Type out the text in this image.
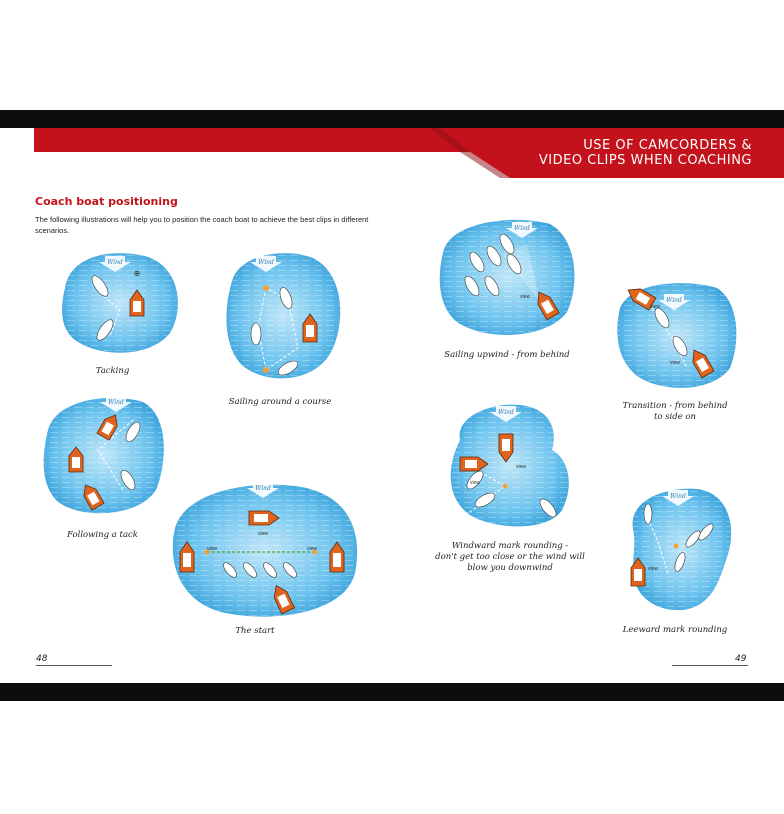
USE OF CAMCORDERS &
VIDEO CLIPS WHEN COACHING
Coach boat positioning
The following illustrations will help you to position the coach boat to achieve the best clips in different scenarios.
Wind
⊕
Tacking
Wind
Sailing around a course
Wind
Following a tack
Wind
view
view	view
The start
Wind
view
Sailing upwind - from behind
Wind
view
view
Transition - from behind
to side on
Wind
view
view
Windward mark rounding -
don't get too close or the wind will
blow you downwind
Wind
view
Leeward mark rounding
48	49
